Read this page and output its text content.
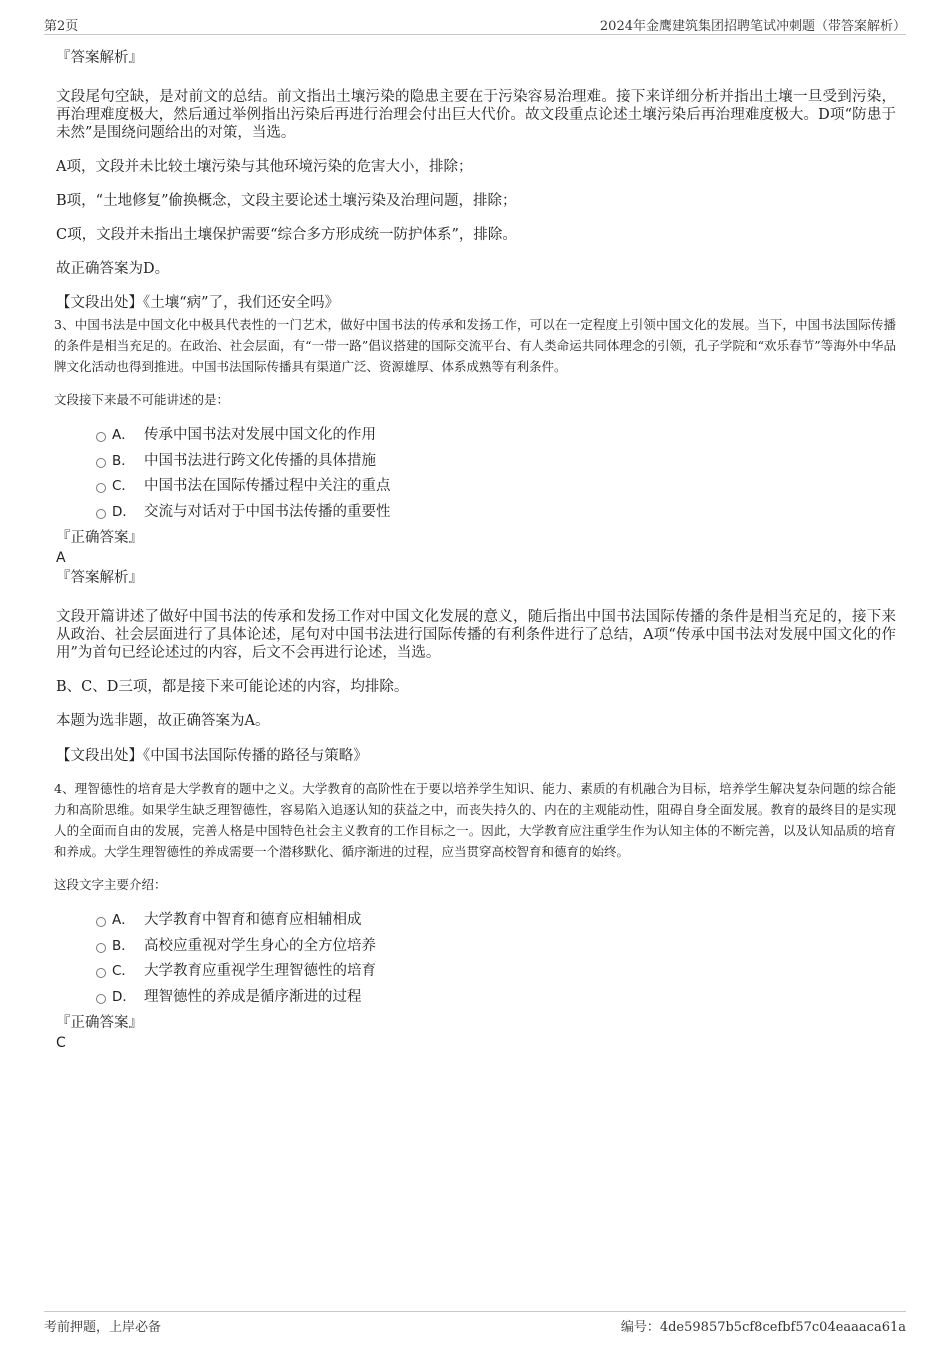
第2页	2024年金鹰建筑集团招聘笔试冲刺题（带答案解析）
『答案解析』

文段尾句空缺，是对前文的总结。前文指出土壤污染的隐患主要在于污染容易治理难。接下来详细分析并指出土壤一旦受到污染，再治理难度极大，然后通过举例指出污染后再进行治理会付出巨大代价。故文段重点论述土壤污染后再治理难度极大。D项“防患于未然”是围绕问题给出的对策，当选。

A项，文段并未比较土壤污染与其他环境污染的危害大小，排除；

B项，“土地修复”偷换概念，文段主要论述土壤污染及治理问题，排除；

C项，文段并未指出土壤保护需要“综合多方形成统一防护体系”，排除。

故正确答案为D。

【文段出处】《土壤“病”了，我们还安全吗》

3、中国书法是中国文化中极具代表性的一门艺术，做好中国书法的传承和发扬工作，可以在一定程度上引领中国文化的发展。当下，中国书法国际传播的条件是相当充足的。在政治、社会层面，有“一带一路”倡议搭建的国际交流平台、有人类命运共同体理念的引领，孔子学院和“欢乐春节”等海外中华品牌文化活动也得到推进。中国书法国际传播具有渠道广泛、资源雄厚、体系成熟等有利条件。

文段接下来最不可能讲述的是：

A． 传承中国书法对发展中国文化的作用
B． 中国书法进行跨文化传播的具体措施
C． 中国书法在国际传播过程中关注的重点
D． 交流与对话对于中国书法传播的重要性
『正确答案』
A
『答案解析』

文段开篇讲述了做好中国书法的传承和发扬工作对中国文化发展的意义，随后指出中国书法国际传播的条件是相当充足的，接下来从政治、社会层面进行了具体论述，尾句对中国书法进行国际传播的有利条件进行了总结，A项“传承中国书法对发展中国文化的作用”为首句已经论述过的内容，后文不会再进行论述，当选。

B、C、D三项，都是接下来可能论述的内容，均排除。

本题为选非题，故正确答案为A。

【文段出处】《中国书法国际传播的路径与策略》

4、理智德性的培育是大学教育的题中之义。大学教育的高阶性在于要以培养学生知识、能力、素质的有机融合为目标，培养学生解决复杂问题的综合能力和高阶思维。如果学生缺乏理智德性，容易陷入追逐认知的获益之中，而丧失持久的、内在的主观能动性，阻碍自身全面发展。教育的最终目的是实现人的全面而自由的发展，完善人格是中国特色社会主义教育的工作目标之一。因此，大学教育应注重学生作为认知主体的不断完善，以及认知品质的培育和养成。大学生理智德性的养成需要一个潜移默化、循序渐进的过程，应当贯穿高校智育和德育的始终。

这段文字主要介绍：

A． 大学教育中智育和德育应相辅相成
B． 高校应重视对学生身心的全方位培养
C． 大学教育应重视学生理智德性的培育
D． 理智德性的养成是循序渐进的过程
『正确答案』
C
考前押题，上岸必备	编号：4de59857b5cf8cefbf57c04eaaaca61a
